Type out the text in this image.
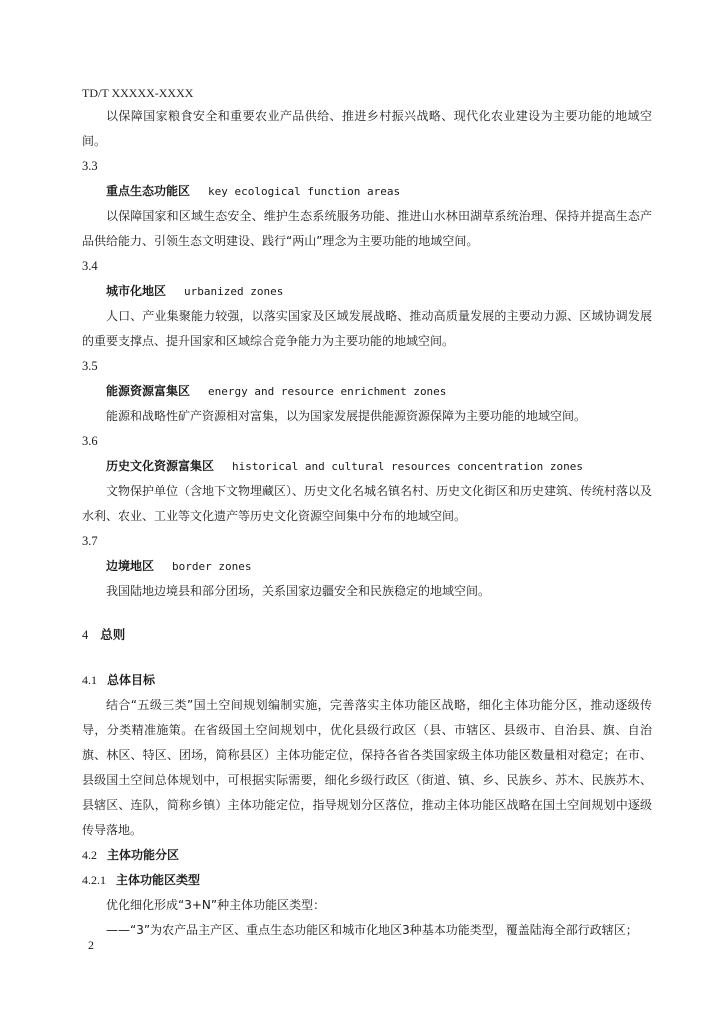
TD/T XXXXX-XXXX

以保障国家粮食安全和重要农业产品供给、推进乡村振兴战略、现代化农业建设为主要功能的地域空间。

3.3

重点生态功能区 key ecological function areas

以保障国家和区域生态安全、维护生态系统服务功能、推进山水林田湖草系统治理、保持并提高生态产品供给能力、引领生态文明建设、践行“两山”理念为主要功能的地域空间。

3.4

城市化地区 urbanized zones

人口、产业集聚能力较强，以落实国家及区域发展战略、推动高质量发展的主要动力源、区域协调发展的重要支撑点、提升国家和区域综合竞争能力为主要功能的地域空间。

3.5

能源资源富集区 energy and resource enrichment zones

能源和战略性矿产资源相对富集，以为国家发展提供能源资源保障为主要功能的地域空间。

3.6

历史文化资源富集区 historical and cultural resources concentration zones

文物保护单位（含地下文物埋藏区）、历史文化名城名镇名村、历史文化街区和历史建筑、传统村落以及水利、农业、工业等文化遗产等历史文化资源空间集中分布的地域空间。

3.7

边境地区 border zones

我国陆地边境县和部分团场，关系国家边疆安全和民族稳定的地域空间。

4 总则

4.1 总体目标

结合“五级三类”国土空间规划编制实施，完善落实主体功能区战略，细化主体功能分区，推动逐级传导，分类精准施策。在省级国土空间规划中，优化县级行政区（县、市辖区、县级市、自治县、旗、自治旗、林区、特区、团场，简称县区）主体功能定位，保持各省各类国家级主体功能区数量相对稳定；在市、县级国土空间总体规划中，可根据实际需要，细化乡级行政区（街道、镇、乡、民族乡、苏木、民族苏木、县辖区、连队，简称乡镇）主体功能定位，指导规划分区落位，推动主体功能区战略在国土空间规划中逐级传导落地。

4.2 主体功能分区

4.2.1 主体功能区类型

优化细化形成“3+N”种主体功能区类型：

——“3”为农产品主产区、重点生态功能区和城市化地区3种基本功能类型，覆盖陆海全部行政辖区；

2
